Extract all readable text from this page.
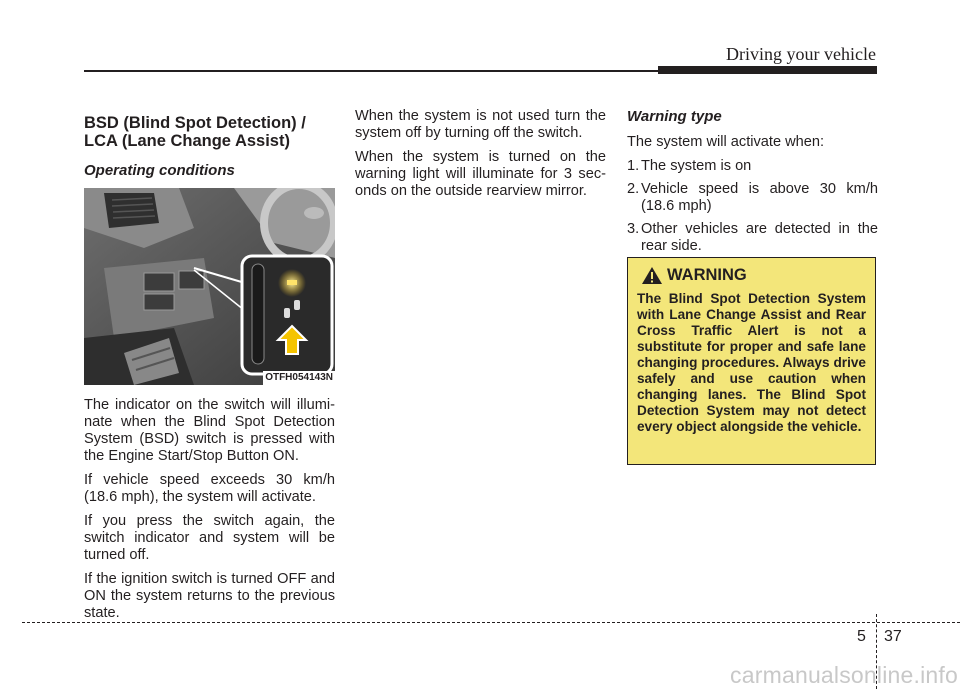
Driving your vehicle
BSD (Blind Spot Detection) / LCA (Lane Change Assist)
Operating conditions
OTFH054143N

The indicator on the switch will illumi-nate when the Blind Spot Detection System (BSD) switch is pressed with the Engine Start/Stop Button ON.

If vehicle speed exceeds 30 km/h (18.6 mph), the system will activate.

If you press the switch again, the switch indicator and system will be turned off.

If the ignition switch is turned OFF and ON the system returns to the previous state.

When the system is not used turn the system off by turning off the switch.

When the system is turned on the warning light will illuminate for 3 sec-onds on the outside rearview mirror.

Warning type

The system will activate when:

1. The system is on
2. Vehicle speed is above 30 km/h (18.6 mph)
3. Other vehicles are detected in the rear side.
WARNING
The Blind Spot Detection System with Lane Change Assist and Rear Cross Traffic Alert is not a substitute for proper and safe lane changing procedures. Always drive safely and use caution when changing lanes. The Blind Spot Detection System may not detect every object alongside the vehicle.
5 37
carmanualsonline.info
